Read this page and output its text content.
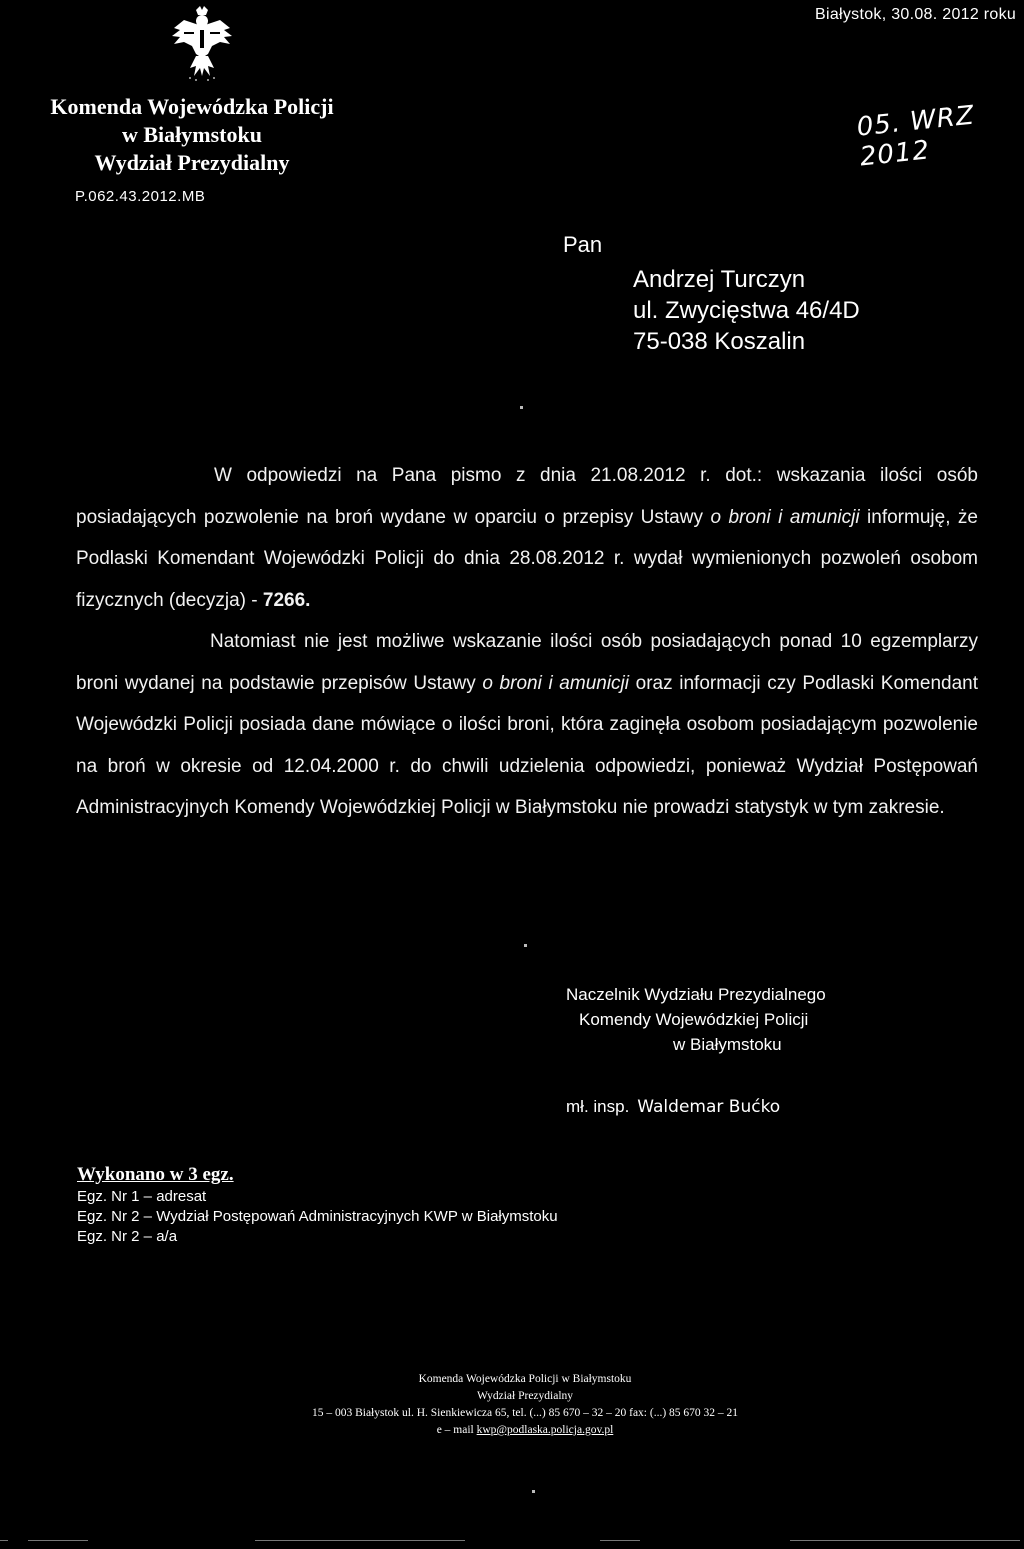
Komenda Wojewódzka Policji
w Białymstoku
Wydział Prezydialny
P.062.43.2012.MB
Białystok, 30.08. 2012 roku
05. WRZ 2012
Pan
Andrzej Turczyn
ul. Zwycięstwa 46/4D
75-038 Koszalin

W odpowiedzi na Pana pismo z dnia 21.08.2012 r. dot.: wskazania ilości osób posiadających pozwolenie na broń wydane w oparciu o przepisy Ustawy o broni i amunicji informuję, że Podlaski Komendant Wojewódzki Policji do dnia 28.08.2012 r. wydał wymienionych pozwoleń osobom fizycznych (decyzja) - 7266.

Natomiast nie jest możliwe wskazanie ilości osób posiadających ponad 10 egzemplarzy broni wydanej na podstawie przepisów Ustawy o broni i amunicji oraz informacji czy Podlaski Komendant Wojewódzki Policji posiada dane mówiące o ilości broni, która zaginęła osobom posiadającym pozwolenie na broń w okresie od 12.04.2000 r. do chwili udzielenia odpowiedzi, ponieważ Wydział Postępowań Administracyjnych Komendy Wojewódzkiej Policji w Białymstoku nie prowadzi statystyk w tym zakresie.

Naczelnik Wydziału Prezydialnego
Komendy Wojewódzkiej Policji
w Białymstoku
mł. insp. Waldemar Bućko
Wykonano w 3 egz.
Egz. Nr 1 – adresat
Egz. Nr 2 – Wydział Postępowań Administracyjnych KWP w Białymstoku
Egz. Nr 2 – a/a
Komenda Wojewódzka Policji w Białymstoku
Wydział Prezydialny
15 – 003 Białystok ul. H. Sienkiewicza 65, tel. (...) 85 670 – 32 – 20 fax: (...) 85 670 32 – 21
e – mail kwp@podlaska.policja.gov.pl
